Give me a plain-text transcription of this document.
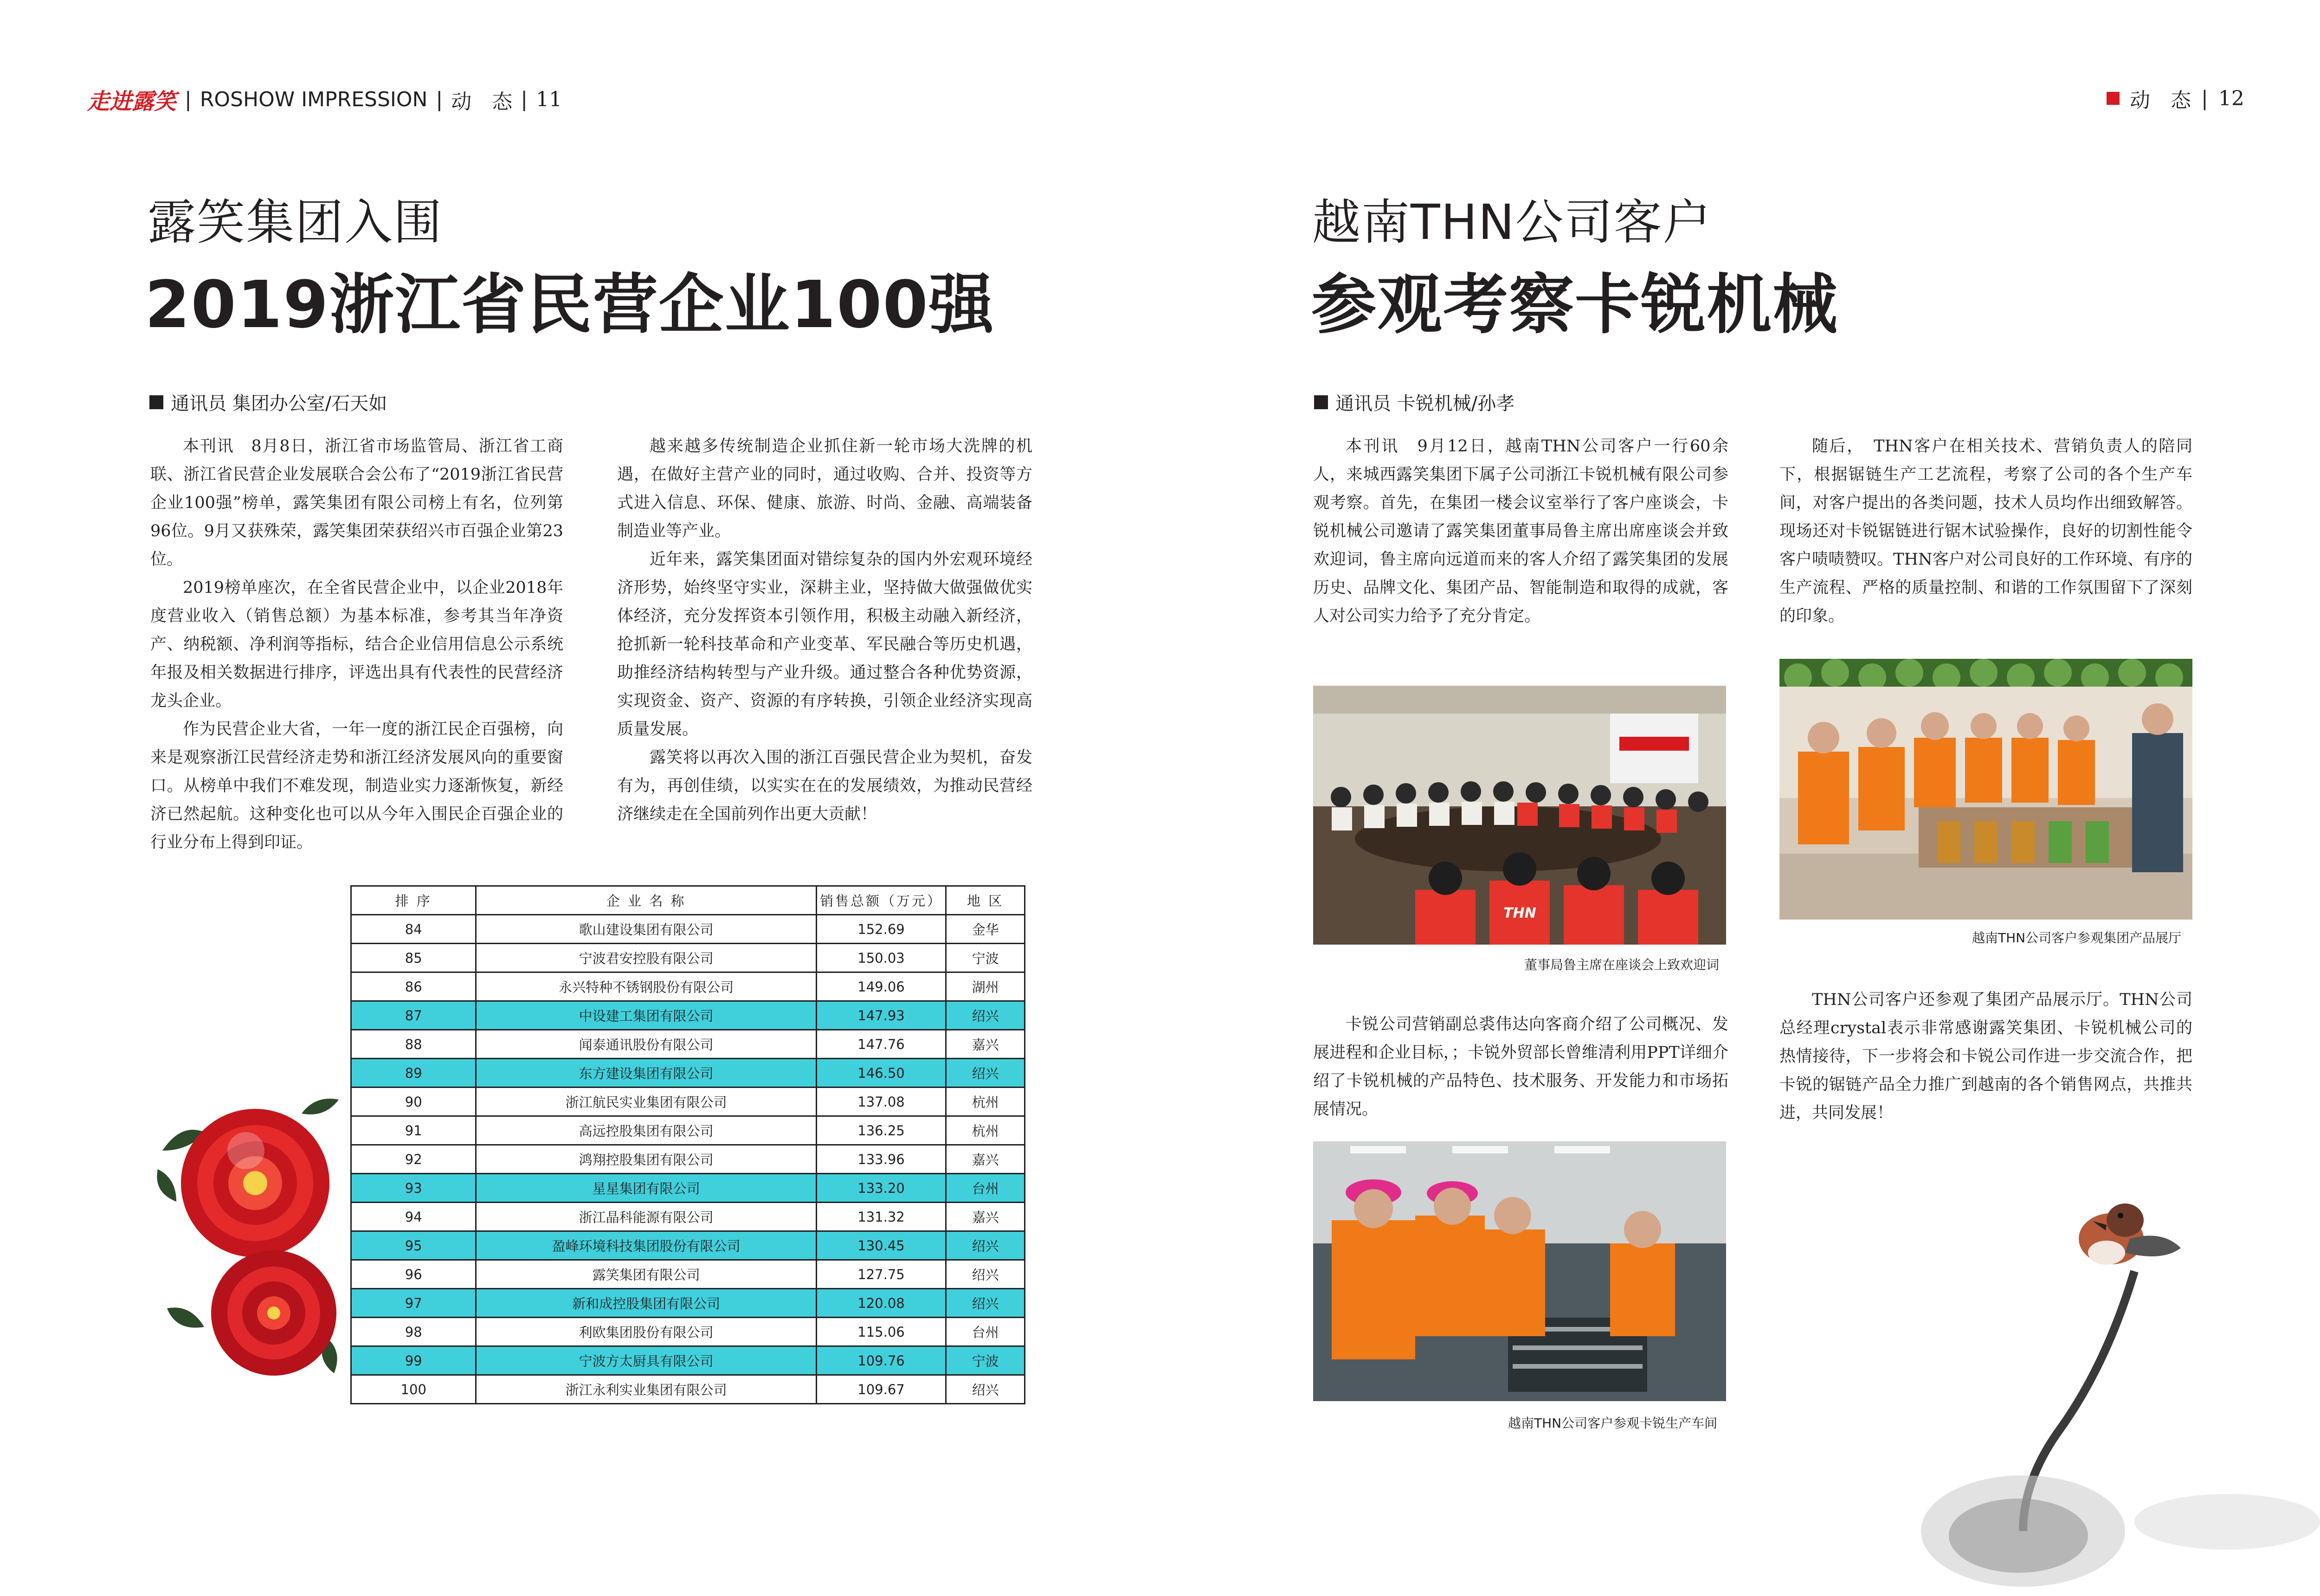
走进露笑 | ROSHOW IMPRESSION | 动　态 | 11	动　态 | 12
露笑集团入围
2019浙江省民营企业100强
通讯员 集团办公室/石天如

本刊讯　8月8日，浙江省市场监管局、浙江省工商联、浙江省民营企业发展联合会公布了“2019浙江省民营企业100强”榜单，露笑集团有限公司榜上有名，位列第96位。9月又获殊荣，露笑集团荣获绍兴市百强企业第23位。

2019榜单座次，在全省民营企业中，以企业2018年度营业收入（销售总额）为基本标准，参考其当年净资产、纳税额、净利润等指标，结合企业信用信息公示系统年报及相关数据进行排序，评选出具有代表性的民营经济龙头企业。

作为民营企业大省，一年一度的浙江民企百强榜，向来是观察浙江民营经济走势和浙江经济发展风向的重要窗口。从榜单中我们不难发现，制造业实力逐渐恢复，新经济已然起航。这种变化也可以从今年入围民企百强企业的行业分布上得到印证。

越来越多传统制造企业抓住新一轮市场大洗牌的机遇，在做好主营产业的同时，通过收购、合并、投资等方式进入信息、环保、健康、旅游、时尚、金融、高端装备制造业等产业。

近年来，露笑集团面对错综复杂的国内外宏观环境经济形势，始终坚守实业，深耕主业，坚持做大做强做优实体经济，充分发挥资本引领作用，积极主动融入新经济，抢抓新一轮科技革命和产业变革、军民融合等历史机遇，助推经济结构转型与产业升级。通过整合各种优势资源，实现资金、资产、资源的有序转换，引领企业经济实现高质量发展。

露笑将以再次入围的浙江百强民营企业为契机，奋发有为，再创佳绩，以实实在在的发展绩效，为推动民营经济继续走在全国前列作出更大贡献！

排 序	企 业 名 称	销售总额（万元）	地 区
84	歌山建设集团有限公司	152.69	金华
85	宁波君安控股有限公司	150.03	宁波
86	永兴特种不锈钢股份有限公司	149.06	湖州
87	中设建工集团有限公司	147.93	绍兴
88	闻泰通讯股份有限公司	147.76	嘉兴
89	东方建设集团有限公司	146.50	绍兴
90	浙江航民实业集团有限公司	137.08	杭州
91	高远控股集团有限公司	136.25	杭州
92	鸿翔控股集团有限公司	133.96	嘉兴
93	星星集团有限公司	133.20	台州
94	浙江晶科能源有限公司	131.32	嘉兴
95	盈峰环境科技集团股份有限公司	130.45	绍兴
96	露笑集团有限公司	127.75	绍兴
97	新和成控股集团有限公司	120.08	绍兴
98	利欧集团股份有限公司	115.06	台州
99	宁波方太厨具有限公司	109.76	宁波
100	浙江永利实业集团有限公司	109.67	绍兴
越南THN公司客户
参观考察卡锐机械
通讯员 卡锐机械/孙孝

本刊讯　9月12日，越南THN公司客户一行60余人，来城西露笑集团下属子公司浙江卡锐机械有限公司参观考察。首先，在集团一楼会议室举行了客户座谈会，卡锐机械公司邀请了露笑集团董事局鲁主席出席座谈会并致欢迎词，鲁主席向远道而来的客人介绍了露笑集团的发展历史、品牌文化、集团产品、智能制造和取得的成就，客人对公司实力给予了充分肯定。

THN
董事局鲁主席在座谈会上致欢迎词

卡锐公司营销副总裘伟达向客商介绍了公司概况、发展进程和企业目标，；卡锐外贸部长曾维清利用PPT详细介绍了卡锐机械的产品特色、技术服务、开发能力和市场拓展情况。

越南THN公司客户参观卡锐生产车间

随后，　THN客户在相关技术、营销负责人的陪同下，根据锯链生产工艺流程，考察了公司的各个生产车间，对客户提出的各类问题，技术人员均作出细致解答。现场还对卡锐锯链进行锯木试验操作，良好的切割性能令客户啧啧赞叹。THN客户对公司良好的工作环境、有序的生产流程、严格的质量控制、和谐的工作氛围留下了深刻的印象。

越南THN公司客户参观集团产品展厅

THN公司客户还参观了集团产品展示厅。THN公司总经理crystal表示非常感谢露笑集团、卡锐机械公司的热情接待，下一步将会和卡锐公司作进一步交流合作，把卡锐的锯链产品全力推广到越南的各个销售网点，共推共进，共同发展！
